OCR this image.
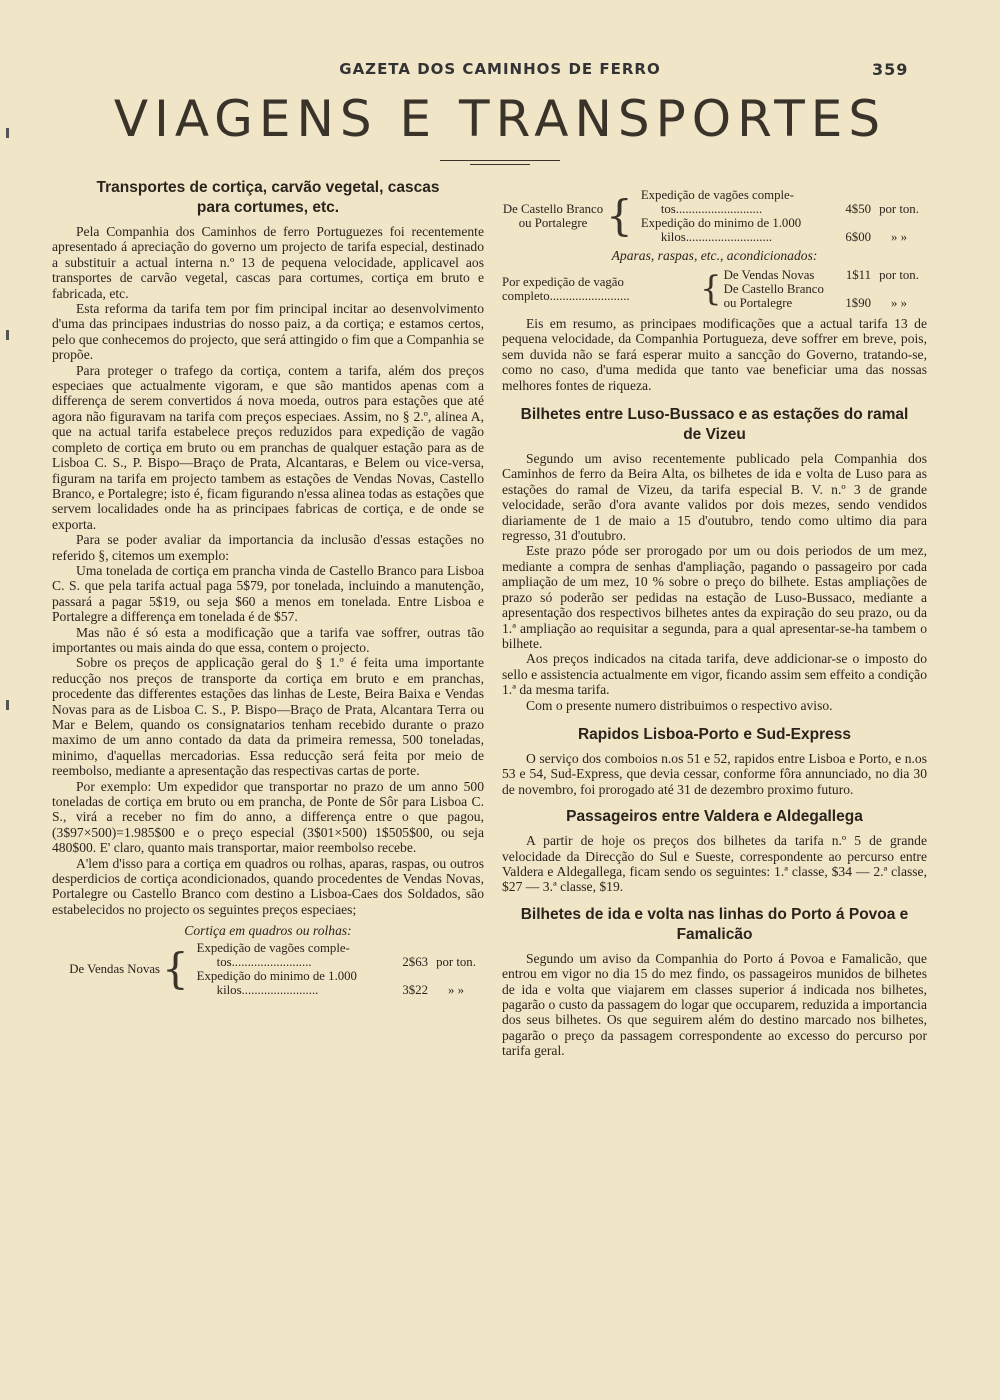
GAZETA DOS CAMINHOS DE FERRO	359
VIAGENS E TRANSPORTES
Transportes de cortiça, carvão vegetal, cascas para cortumes, etc.

Pela Companhia dos Caminhos de ferro Portuguezes foi recentemente apresentado á apreciação do governo um projecto de tarifa especial, destinado a substituir a actual interna n.º 13 de pequena velocidade, applicavel aos transportes de carvão vegetal, cascas para cortumes, cortiça em bruto e fabricada, etc.

Esta reforma da tarifa tem por fim principal incitar ao desenvolvimento d'uma das principaes industrias do nosso paiz, a da cortiça; e estamos certos, pelo que conhecemos do projecto, que será attingido o fim que a Companhia se propõe.

Para proteger o trafego da cortiça, contem a tarifa, além dos preços especiaes que actualmente vigoram, e que são mantidos apenas com a differença de serem convertidos á nova moeda, outros para estações que até agora não figuravam na tarifa com preços especiaes. Assim, no § 2.º, alinea A, que na actual tarifa estabelece preços reduzidos para expedição de vagão completo de cortiça em bruto ou em pranchas de qualquer estação para as de Lisboa C. S., P. Bispo—Braço de Prata, Alcantaras, e Belem ou vice-versa, figuram na tarifa em projecto tambem as estações de Vendas Novas, Castello Branco, e Portalegre; isto é, ficam figurando n'essa alinea todas as estações que servem localidades onde ha as principaes fabricas de cortiça, e de onde se exporta.

Para se poder avaliar da importancia da inclusão d'essas estações no referido §, citemos um exemplo:

Uma tonelada de cortiça em prancha vinda de Castello Branco para Lisboa C. S. que pela tarifa actual paga 5$79, por tonelada, incluindo a manutenção, passará a pagar 5$19, ou seja $60 a menos em tonelada. Entre Lisboa e Portalegre a differença em tonelada é de $57.

Mas não é só esta a modificação que a tarifa vae soffrer, outras tão importantes ou mais ainda do que essa, contem o projecto.

Sobre os preços de applicação geral do § 1.º é feita uma importante reducção nos preços de transporte da cortiça em bruto e em pranchas, procedente das differentes estações das linhas de Leste, Beira Baixa e Vendas Novas para as de Lisboa C. S., P. Bispo—Braço de Prata, Alcantara Terra ou Mar e Belem, quando os consignatarios tenham recebido durante o prazo maximo de um anno contado da data da primeira remessa, 500 toneladas, minimo, d'aquellas mercadorias. Essa reducção será feita por meio de reembolso, mediante a apresentação das respectivas cartas de porte.

Por exemplo: Um expedidor que transportar no prazo de um anno 500 toneladas de cortiça em bruto ou em prancha, de Ponte de Sôr para Lisboa C. S., virá a receber no fim do anno, a differença entre o que pagou, (3$97×500)=1.985$00 e o preço especial (3$01×500) 1$505$00, ou seja 480$00. E' claro, quanto mais transportar, maior reembolso recebe.

A'lem d'isso para a cortiça em quadros ou rolhas, aparas, raspas, ou outros desperdicios de cortiça acondicionados, quando procedentes de Vendas Novas, Portalegre ou Castello Branco com destino a Lisboa-Caes dos Soldados, são estabelecidos no projecto os seguintes preços especiaes;

Cortiça em quadros ou rolhas:
De Vendas Novas	{	Expedição de vagões comple-
tos.........................	2$63	por ton.

		Expedição do minimo de 1.000
kilos........................	3$22	» »
De Castello Branco ou Portalegre	{	Expedição de vagões comple-
tos...........................	4$50	por ton.

		Expedição do minimo de 1.000
kilos...........................	6$00	» »
Aparas, raspas, etc., acondicionados:
Por expedição de vagão completo.........................	{	De Vendas Novas	1$11	por ton.
		De Castello Branco ou Portalegre	1$90	» »

Eis em resumo, as principaes modificações que a actual tarifa 13 de pequena velocidade, da Companhia Portugueza, deve soffrer em breve, pois, sem duvida não se fará esperar muito a sancção do Governo, tratando-se, como no caso, d'uma medida que tanto vae beneficiar uma das nossas melhores fontes de riqueza.

Bilhetes entre Luso-Bussaco e as estações do ramal de Vizeu

Segundo um aviso recentemente publicado pela Companhia dos Caminhos de ferro da Beira Alta, os bilhetes de ida e volta de Luso para as estações do ramal de Vizeu, da tarifa especial B. V. n.º 3 de grande velocidade, serão d'ora avante validos por dois mezes, sendo vendidos diariamente de 1 de maio a 15 d'outubro, tendo como ultimo dia para regresso, 31 d'outubro.

Este prazo póde ser prorogado por um ou dois periodos de um mez, mediante a compra de senhas d'ampliação, pagando o passageiro por cada ampliação de um mez, 10 % sobre o preço do bilhete. Estas ampliações de prazo só poderão ser pedidas na estação de Luso-Bussaco, mediante a apresentação dos respectivos bilhetes antes da expiração do seu prazo, ou da 1.ª ampliação ao requisitar a segunda, para a qual apresentar-se-ha tambem o bilhete.

Aos preços indicados na citada tarifa, deve addicionar-se o imposto do sello e assistencia actualmente em vigor, ficando assim sem effeito a condição 1.ª da mesma tarifa.

Com o presente numero distribuimos o respectivo aviso.

Rapidos Lisboa-Porto e Sud-Express

O serviço dos comboios n.os 51 e 52, rapidos entre Lisboa e Porto, e n.os 53 e 54, Sud-Express, que devia cessar, conforme fôra annunciado, no dia 30 de novembro, foi prorogado até 31 de dezembro proximo futuro.

Passageiros entre Valdera e Aldegallega

A partir de hoje os preços dos bilhetes da tarifa n.º 5 de grande velocidade da Direcção do Sul e Sueste, correspondente ao percurso entre Valdera e Aldegallega, ficam sendo os seguintes: 1.ª classe, $34 — 2.ª classe, $27 — 3.ª classe, $19.

Bilhetes de ida e volta nas linhas do Porto á Povoa e Famalicão

Segundo um aviso da Companhia do Porto á Povoa e Famalicão, que entrou em vigor no dia 15 do mez findo, os passageiros munidos de bilhetes de ida e volta que viajarem em classes superior á indicada nos bilhetes, pagarão o custo da passagem do logar que occuparem, reduzida a importancia dos seus bilhetes. Os que seguirem além do destino marcado nos bilhetes, pagarão o preço da passagem correspondente ao excesso do percurso por tarifa geral.
